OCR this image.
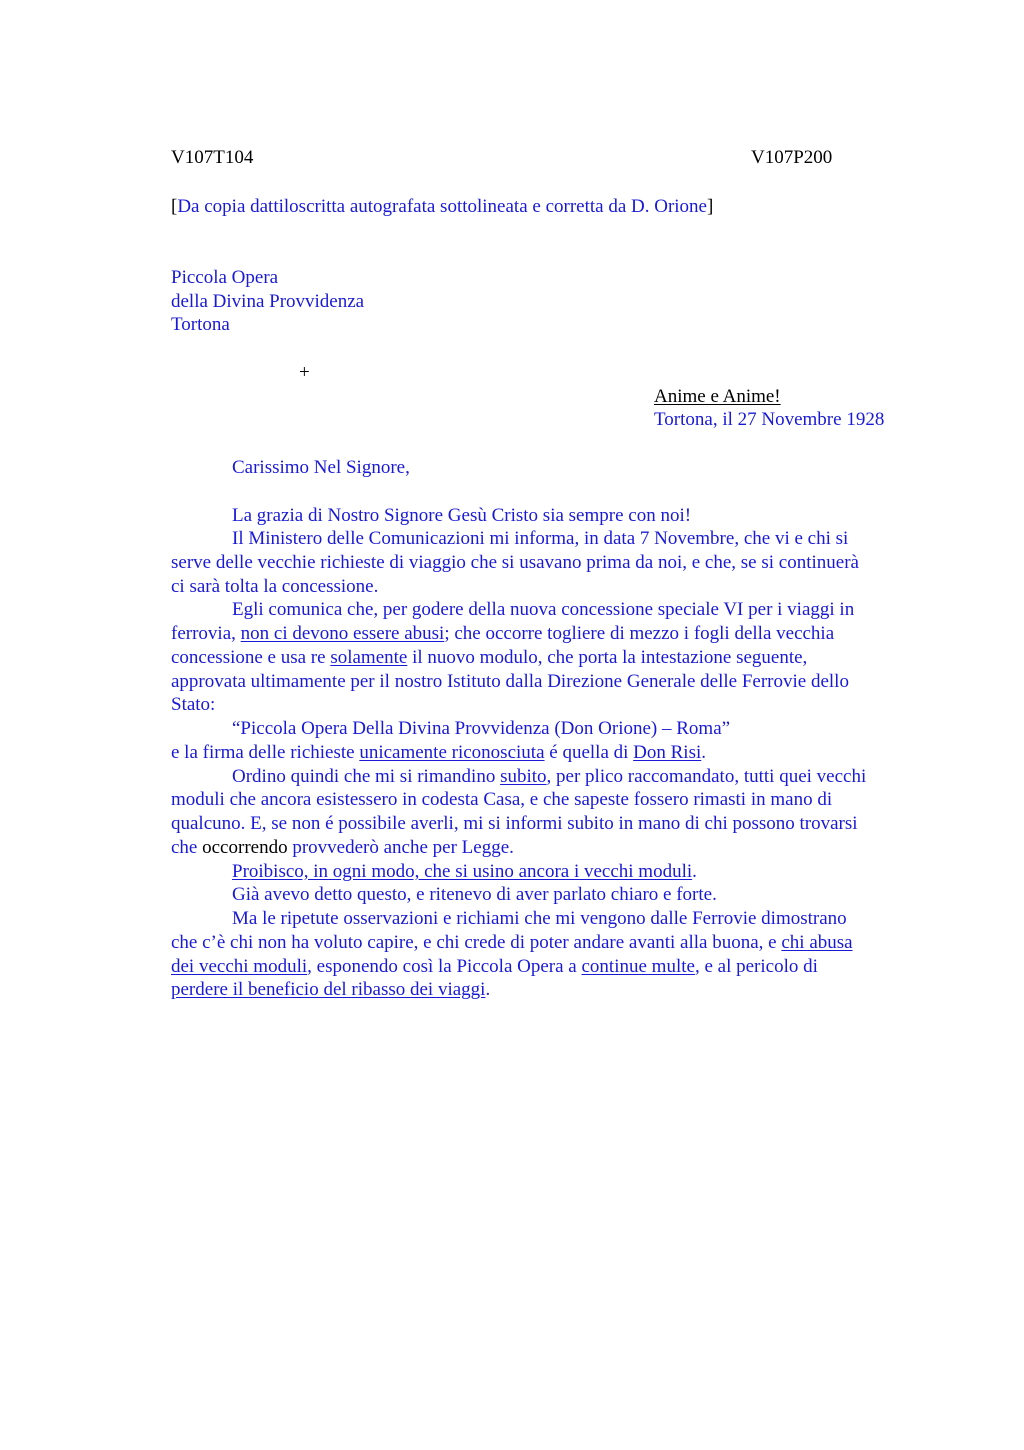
V107T104	V107P200
[Da copia dattiloscritta autografata sottolineata e corretta da D. Orione]
Piccola Opera
della Divina Provvidenza
Tortona
+
Anime e Anime!
Tortona, il 27 Novembre 1928
Carissimo Nel Signore,
La grazia di Nostro Signore Gesù Cristo sia sempre con noi!
Il Ministero delle Comunicazioni mi informa, in data 7 Novembre, che vi e chi si
serve delle vecchie richieste di viaggio che si usavano prima da noi, e che, se si continuerà
ci sarà tolta la concessione.
Egli comunica che, per godere della nuova concessione speciale VI per i viaggi in
ferrovia, non ci devono essere abusi; che occorre togliere di mezzo i fogli della vecchia
concessione e usa re solamente il nuovo modulo, che porta la intestazione seguente,
approvata ultimamente per il nostro Istituto dalla Direzione Generale delle Ferrovie dello
Stato:
“Piccola Opera Della Divina Provvidenza (Don Orione) – Roma”
e la firma delle richieste unicamente riconosciuta é quella di Don Risi.
Ordino quindi che mi si rimandino subito, per plico raccomandato, tutti quei vecchi
moduli che ancora esistessero in codesta Casa, e che sapeste fossero rimasti in mano di
qualcuno. E, se non é possibile averli, mi si informi subito in mano di chi possono trovarsi
che occorrendo provvederò anche per Legge.
Proibisco, in ogni modo, che si usino ancora i vecchi moduli.
Già avevo detto questo, e ritenevo di aver parlato chiaro e forte.
Ma le ripetute osservazioni e richiami che mi vengono dalle Ferrovie dimostrano
che c’è chi non ha voluto capire, e chi crede di poter andare avanti alla buona, e chi abusa
dei vecchi moduli, esponendo così la Piccola Opera a continue multe, e al pericolo di
perdere il beneficio del ribasso dei viaggi.
